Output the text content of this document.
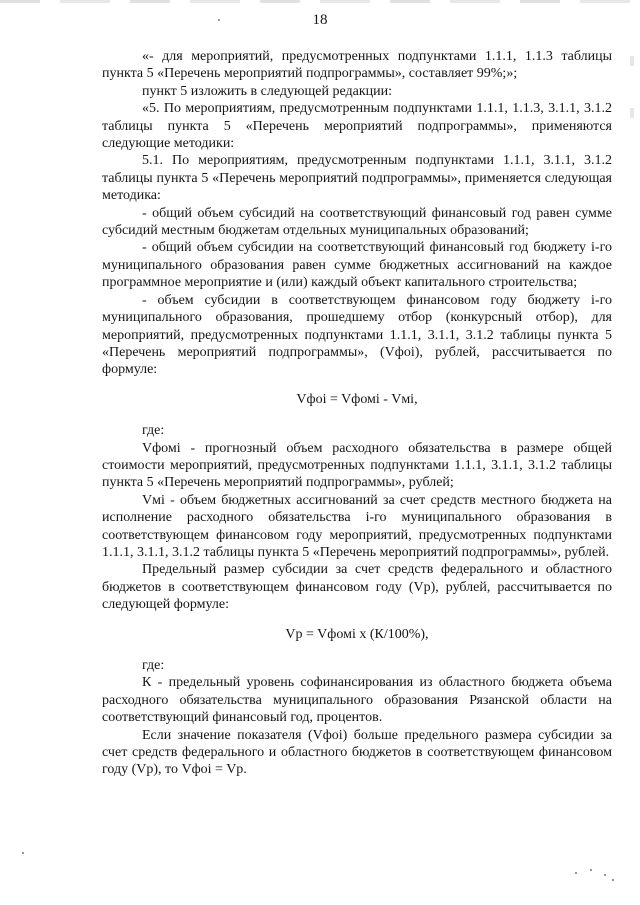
18

«- для мероприятий, предусмотренных подпунктами 1.1.1, 1.1.3 таблицы пункта 5 «Перечень мероприятий подпрограммы», составляет 99%;»;

пункт 5 изложить в следующей редакции:

«5. По мероприятиям, предусмотренным подпунктами 1.1.1, 1.1.3, 3.1.1, 3.1.2 таблицы пункта 5 «Перечень мероприятий подпрограммы», применяются следующие методики:

5.1. По мероприятиям, предусмотренным подпунктами 1.1.1, 3.1.1, 3.1.2 таблицы пункта 5 «Перечень мероприятий подпрограммы», применяется следующая методика:

- общий объем субсидий на соответствующий финансовый год равен сумме субсидий местным бюджетам отдельных муниципальных образований;

- общий объем субсидии на соответствующий финансовый год бюджету i-го муниципального образования равен сумме бюджетных ассигнований на каждое программное мероприятие и (или) каждый объект капитального строительства;

- объем субсидии в соответствующем финансовом году бюджету i-го муниципального образования, прошедшему отбор (конкурсный отбор), для мероприятий, предусмотренных подпунктами 1.1.1, 3.1.1, 3.1.2 таблицы пункта 5 «Перечень мероприятий подпрограммы», (Vфоi), рублей, рассчитывается по формуле:

Vфоi = Vфомi - Vмi,

где:

Vфомi - прогнозный объем расходного обязательства в размере общей стоимости мероприятий, предусмотренных подпунктами 1.1.1, 3.1.1, 3.1.2 таблицы пункта 5 «Перечень мероприятий подпрограммы», рублей;

Vмi - объем бюджетных ассигнований за счет средств местного бюджета на исполнение расходного обязательства i-го муниципального образования в соответствующем финансовом году мероприятий, предусмотренных подпунктами 1.1.1, 3.1.1, 3.1.2 таблицы пункта 5 «Перечень мероприятий подпрограммы», рублей.

Предельный размер субсидии за счет средств федерального и областного бюджетов в соответствующем финансовом году (Vp), рублей, рассчитывается по следующей формуле:

Vp = Vфомi x (К/100%),

где:

К - предельный уровень софинансирования из областного бюджета объема расходного обязательства муниципального образования Рязанской области на соответствующий финансовый год, процентов.

Если значение показателя (Vфоi) больше предельного размера субсидии за счет средств федерального и областного бюджетов в соответствующем финансовом году (Vp), то Vфоi = Vp.
